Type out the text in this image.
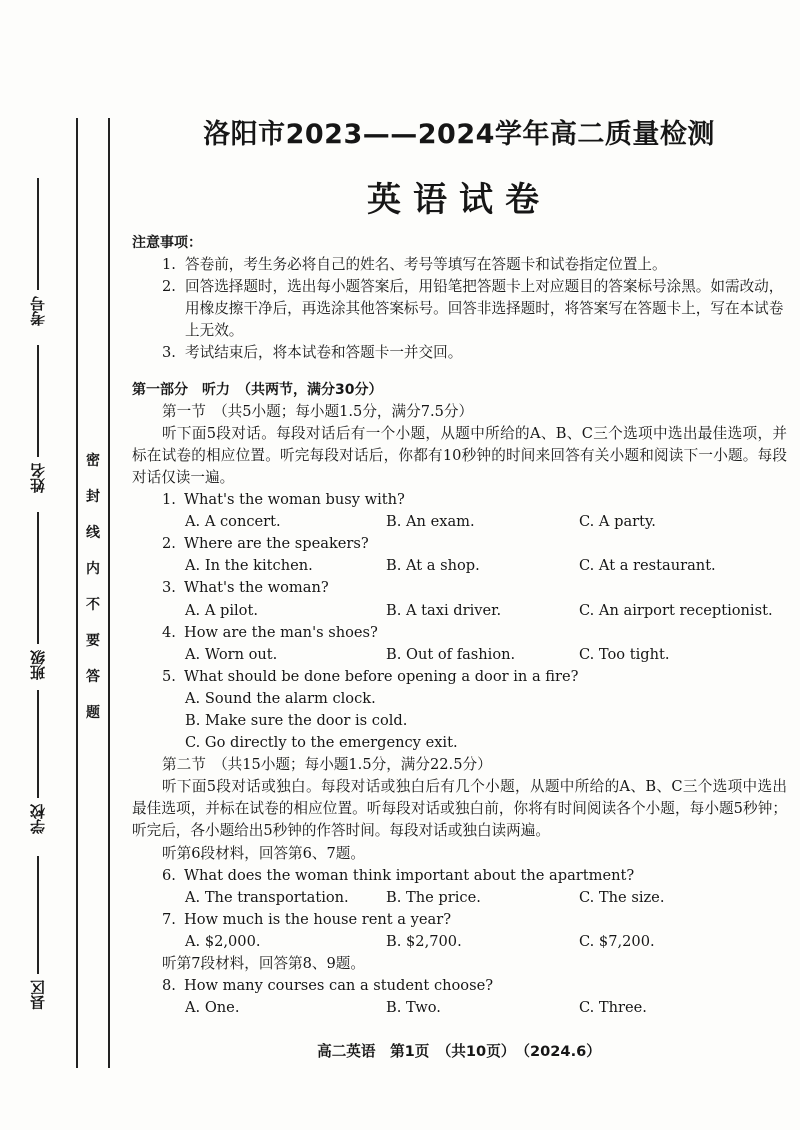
考号
姓名
班级
学校
县区
密
封
线
内
不
要
答
题
洛阳市2023——2024学年高二质量检测
英语试卷
注意事项：
1. 答卷前，考生务必将自己的姓名、考号等填写在答题卡和试卷指定位置上。
2. 回答选择题时，选出每小题答案后，用铅笔把答题卡上对应题目的答案标号涂黑。如需改动，用橡皮擦干净后，再选涂其他答案标号。回答非选择题时，将答案写在答题卡上，写在本试卷上无效。
3. 考试结束后，将本试卷和答题卡一并交回。
第一部分　听力　（共两节，满分30分）
第一节　（共5小题；每小题1.5分，满分7.5分）
听下面5段对话。每段对话后有一个小题，从题中所给的A、B、C三个选项中选出最佳选项，并标在试卷的相应位置。听完每段对话后，你都有10秒钟的时间来回答有关小题和阅读下一小题。每段对话仅读一遍。
1. What's the woman busy with?
A. A concert.	B. An exam.	C. A party.
2. Where are the speakers?
A. In the kitchen.	B. At a shop.	C. At a restaurant.
3. What's the woman?
A. A pilot.	B. A taxi driver.	C. An airport receptionist.
4. How are the man's shoes?
A. Worn out.	B. Out of fashion.	C. Too tight.
5. What should be done before opening a door in a fire?
A. Sound the alarm clock.
B. Make sure the door is cold.
C. Go directly to the emergency exit.
第二节　（共15小题；每小题1.5分，满分22.5分）
听下面5段对话或独白。每段对话或独白后有几个小题，从题中所给的A、B、C三个选项中选出最佳选项，并标在试卷的相应位置。听每段对话或独白前，你将有时间阅读各个小题，每小题5秒钟；听完后，各小题给出5秒钟的作答时间。每段对话或独白读两遍。
听第6段材料，回答第6、7题。
6. What does the woman think important about the apartment?
A. The transportation.	B. The price.	C. The size.
7. How much is the house rent a year?
A. $2,000.	B. $2,700.	C. $7,200.
听第7段材料，回答第8、9题。
8. How many courses can a student choose?
A. One.	B. Two.	C. Three.
高二英语　第1页　（共10页）　（2024.6）
